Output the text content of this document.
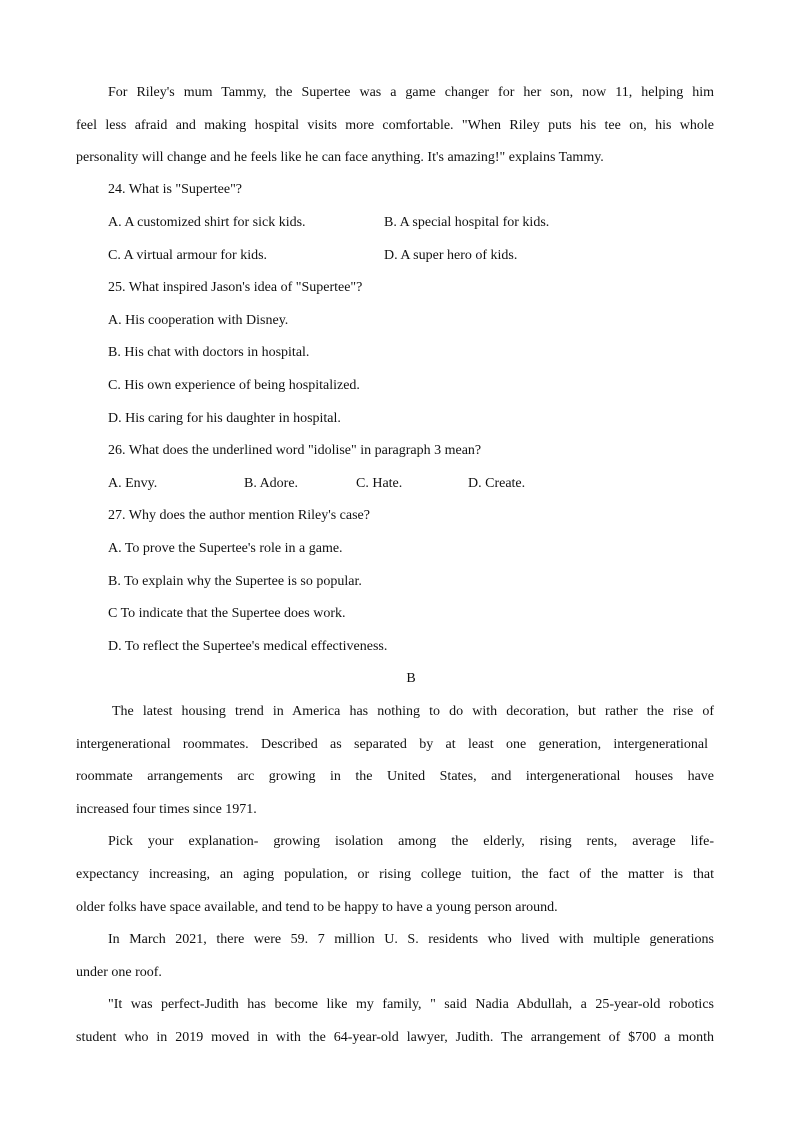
For Riley's mum Tammy, the Supertee was a game changer for her son, now 11, helping him
feel less afraid and making hospital visits more comfortable. "When Riley puts his tee on, his whole
personality will change and he feels like he can face anything. It's amazing!" explains Tammy.
24. What is "Supertee"?
A. A customized shirt for sick kids.	B. A special hospital for kids.
C. A virtual armour for kids.	D. A super hero of kids.
25. What inspired Jason's idea of "Supertee"?
A. His cooperation with Disney.
B. His chat with doctors in hospital.
C. His own experience of being hospitalized.
D. His caring for his daughter in hospital.
26. What does the underlined word "idolise" in paragraph 3 mean?
A. Envy.	B. Adore.	C. Hate.	D. Create.
27. Why does the author mention Riley's case?
A. To prove the Supertee's role in a game.
B. To explain why the Supertee is so popular.
C To indicate that the Supertee does work.
D. To reflect the Supertee's medical effectiveness.
B
The latest housing trend in America has nothing to do with decoration, but rather the rise of
intergenerational roommates. Described as separated by at least one generation, intergenerational
roommate arrangements arc growing in the United States, and intergenerational houses have
increased four times since 1971.
Pick your explanation- growing isolation among the elderly, rising rents, average life-
expectancy increasing, an aging population, or rising college tuition, the fact of the matter is that
older folks have space available, and tend to be happy to have a young person around.
In March 2021, there were 59. 7 million U. S. residents who lived with multiple generations
under one roof.
"It was perfect-Judith has become like my family, " said Nadia Abdullah, a 25-year-old robotics
student who in 2019 moved in with the 64-year-old lawyer, Judith. The arrangement of $700 a month
